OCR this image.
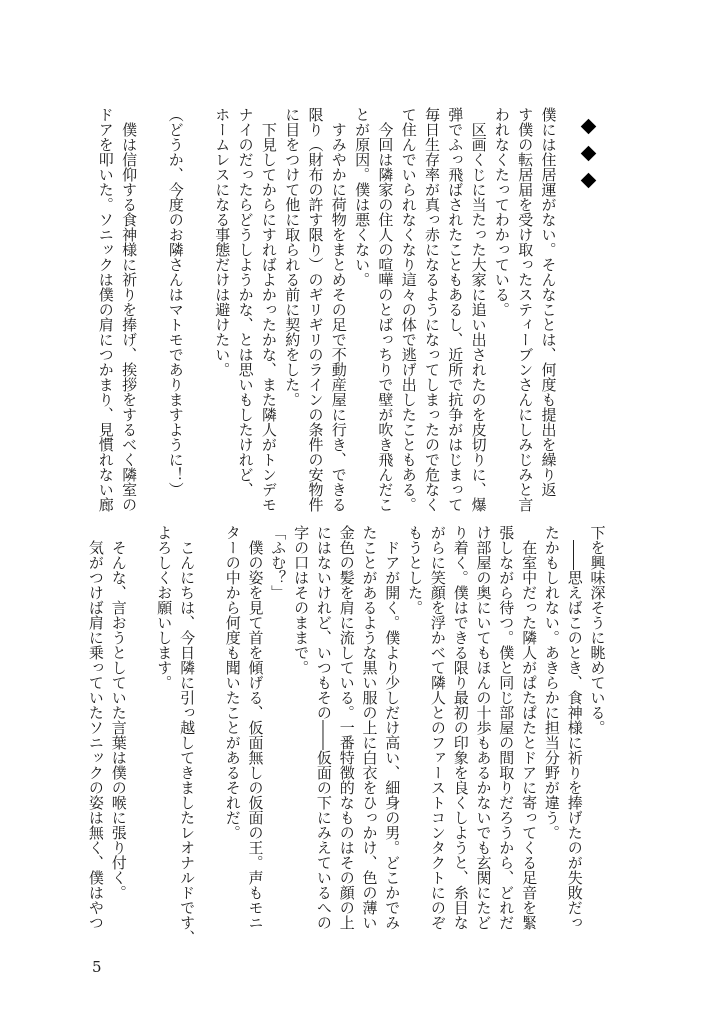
僕には住居運がない。そんなことは、何度も提出を繰り返
す僕の転居届を受け取ったスティーブンさんにしみじみと言
われなくたってわかっている。
　区画くじに当たった大家に追い出されたのを皮切りに、爆
弾でふっ飛ばされたこともあるし、近所で抗争がはじまって
毎日生存率が真っ赤になるようになってしまったので危なく
て住んでいられなくなり這々の体で逃げ出したこともある。
　今回は隣家の住人の喧嘩のとばっちりで壁が吹き飛んだこ
とが原因。僕は悪くない。
　すみやかに荷物をまとめその足で不動産屋に行き、できる
限り（財布の許す限り）のギリギリのラインの条件の安物件
に目をつけて他に取られる前に契約をした。
　下見してからにすればよかったかな、また隣人がトンデモ
ナイのだったらどうしようかな、とは思いもしたけれど、
ホームレスになる事態だけは避けたい。
（どうか、今度のお隣さんはマトモでありますように！）
　僕は信仰する食神様に祈りを捧げ、挨拶をするべく隣室の
ドアを叩いた。ソニックは僕の肩につかまり、見慣れない廊
下を興味深そうに眺めている。
　――思えばこのとき、食神様に祈りを捧げたのが失敗だっ
たかもしれない。あきらかに担当分野が違う。
　在室中だった隣人がぱたぱたとドアに寄ってくる足音を緊
張しながら待つ。僕と同じ部屋の間取りだろうから、どれだ
け部屋の奥にいてもほんの十歩もあるかないでも玄関にたど
り着く。僕はできる限り最初の印象を良くしようと、糸目な
がらに笑顔を浮かべて隣人とのファーストコンタクトにのぞ
もうとした。
　ドアが開く。僕より少しだけ高い、細身の男。どこかでみ
たことがあるような黒い服の上に白衣をひっかけ、色の薄い
金色の髪を肩に流している。一番特徴的なものはその顔の上
にはないけれど、いつもその――仮面の下にみえているへの
字の口はそのままで。
「ふむ？」
　僕の姿を見て首を傾げる、仮面無しの仮面の王。声もモニ
ターの中から何度も聞いたことがあるそれだ。
　こんにちは、今日隣に引っ越してきましたレオナルドです、
よろしくお願いします。
　そんな、言おうとしていた言葉は僕の喉に張り付く。
　気がつけば肩に乗っていたソニックの姿は無く、僕はやつ
5
